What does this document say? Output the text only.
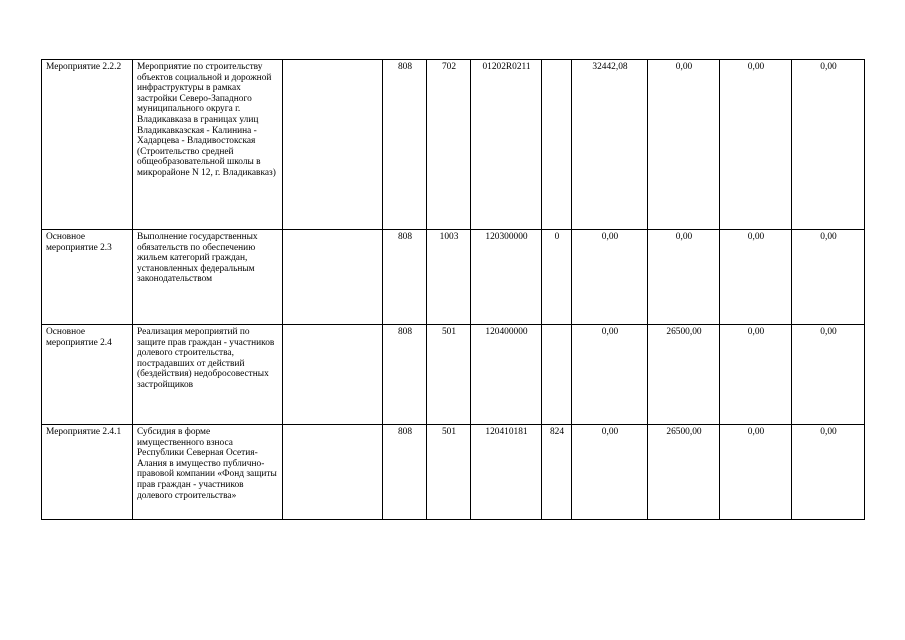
Мероприятие 2.2.2	Мероприятие по строительству объектов социальной и дорожной инфраструктуры в рамках застройки Северо-Западного муниципального округа г. Владикавказа в границах улиц Владикавказская - Калинина - Хадарцева - Владивостокская (Строительство средней общеобразовательной школы в микрорайоне N 12, г. Владикавказ)		808	702	01202R0211		32442,08	0,00	0,00	0,00
Основное мероприятие 2.3	Выполнение государственных обязательств по обеспечению жильем категорий граждан, установленных федеральным законодательством		808	1003	120300000	0	0,00	0,00	0,00	0,00
Основное мероприятие 2.4	Реализация мероприятий по защите прав граждан - участников долевого строительства, пострадавших от действий (бездействия) недобросовестных застройщиков		808	501	120400000		0,00	26500,00	0,00	0,00
Мероприятие 2.4.1	Субсидия в форме имущественного взноса Республики Северная Осетия-Алания в имущество публично-правовой компании «Фонд защиты прав граждан - участников долевого строительства»		808	501	120410181	824	0,00	26500,00	0,00	0,00
